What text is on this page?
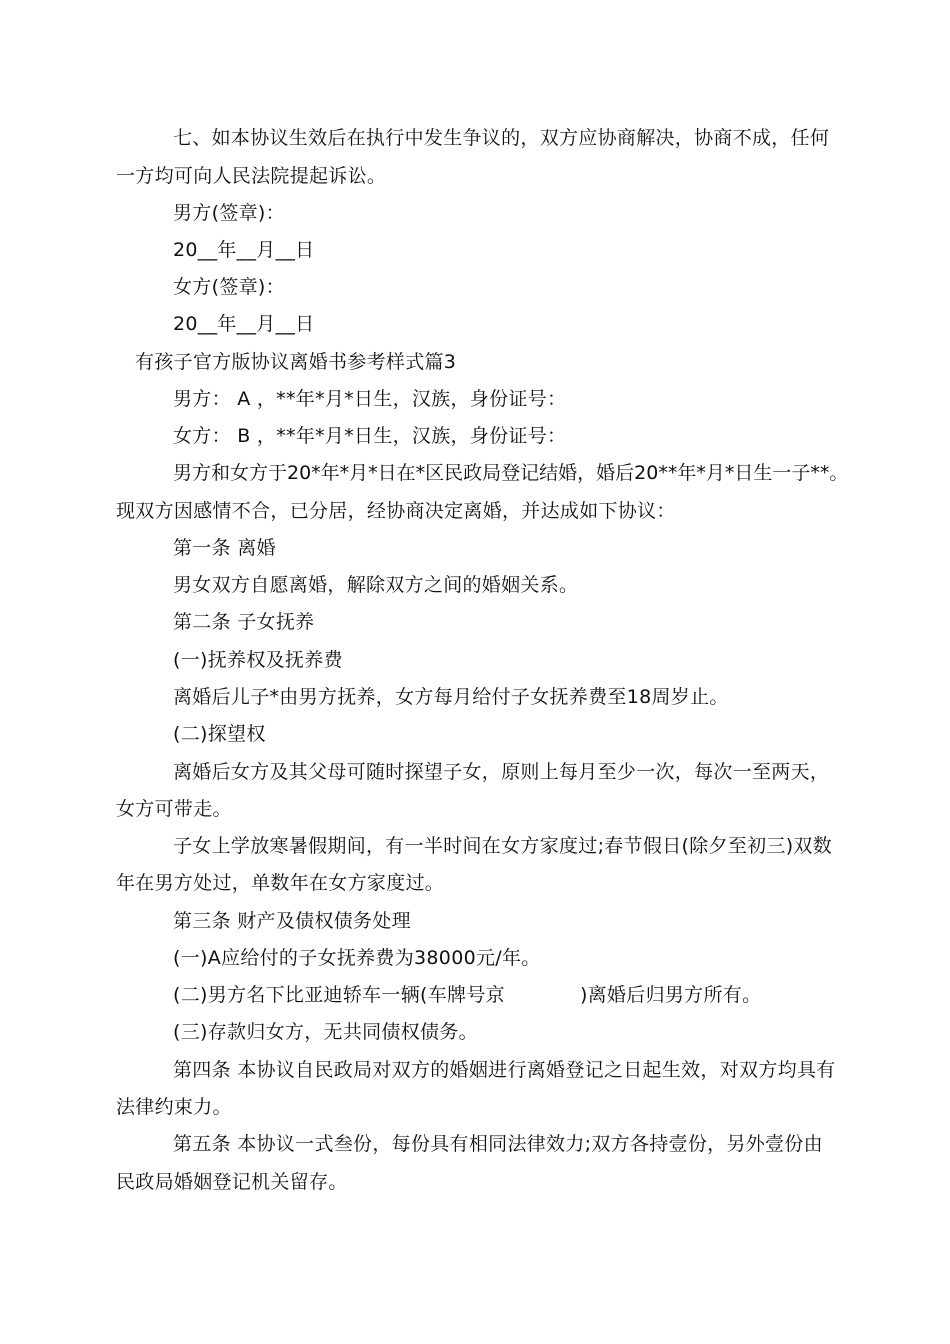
七、如本协议生效后在执行中发生争议的，双方应协商解决，协商不成，任何
一方均可向人民法院提起诉讼。
男方(签章)：
20__年__月__日
女方(签章)：
20__年__月__日
有孩子官方版协议离婚书参考样式篇3
男方： A ，**年*月*日生，汉族，身份证号：
女方： B ，**年*月*日生，汉族，身份证号：
男方和女方于20*年*月*日在*区民政局登记结婚，婚后20**年*月*日生一子**。
现双方因感情不合，已分居，经协商决定离婚，并达成如下协议：
第一条 离婚
男女双方自愿离婚，解除双方之间的婚姻关系。
第二条 子女抚养
(一)抚养权及抚养费
离婚后儿子*由男方抚养，女方每月给付子女抚养费至18周岁止。
(二)探望权
离婚后女方及其父母可随时探望子女，原则上每月至少一次，每次一至两天，
女方可带走。
子女上学放寒暑假期间，有一半时间在女方家度过;春节假日(除夕至初三)双数
年在男方处过，单数年在女方家度过。
第三条 财产及债权债务处理
(一)A应给付的子女抚养费为38000元/年。
(二)男方名下比亚迪轿车一辆(车牌号京	)离婚后归男方所有。
(三)存款归女方，无共同债权债务。
第四条 本协议自民政局对双方的婚姻进行离婚登记之日起生效，对双方均具有
法律约束力。
第五条 本协议一式叁份，每份具有相同法律效力;双方各持壹份，另外壹份由
民政局婚姻登记机关留存。
